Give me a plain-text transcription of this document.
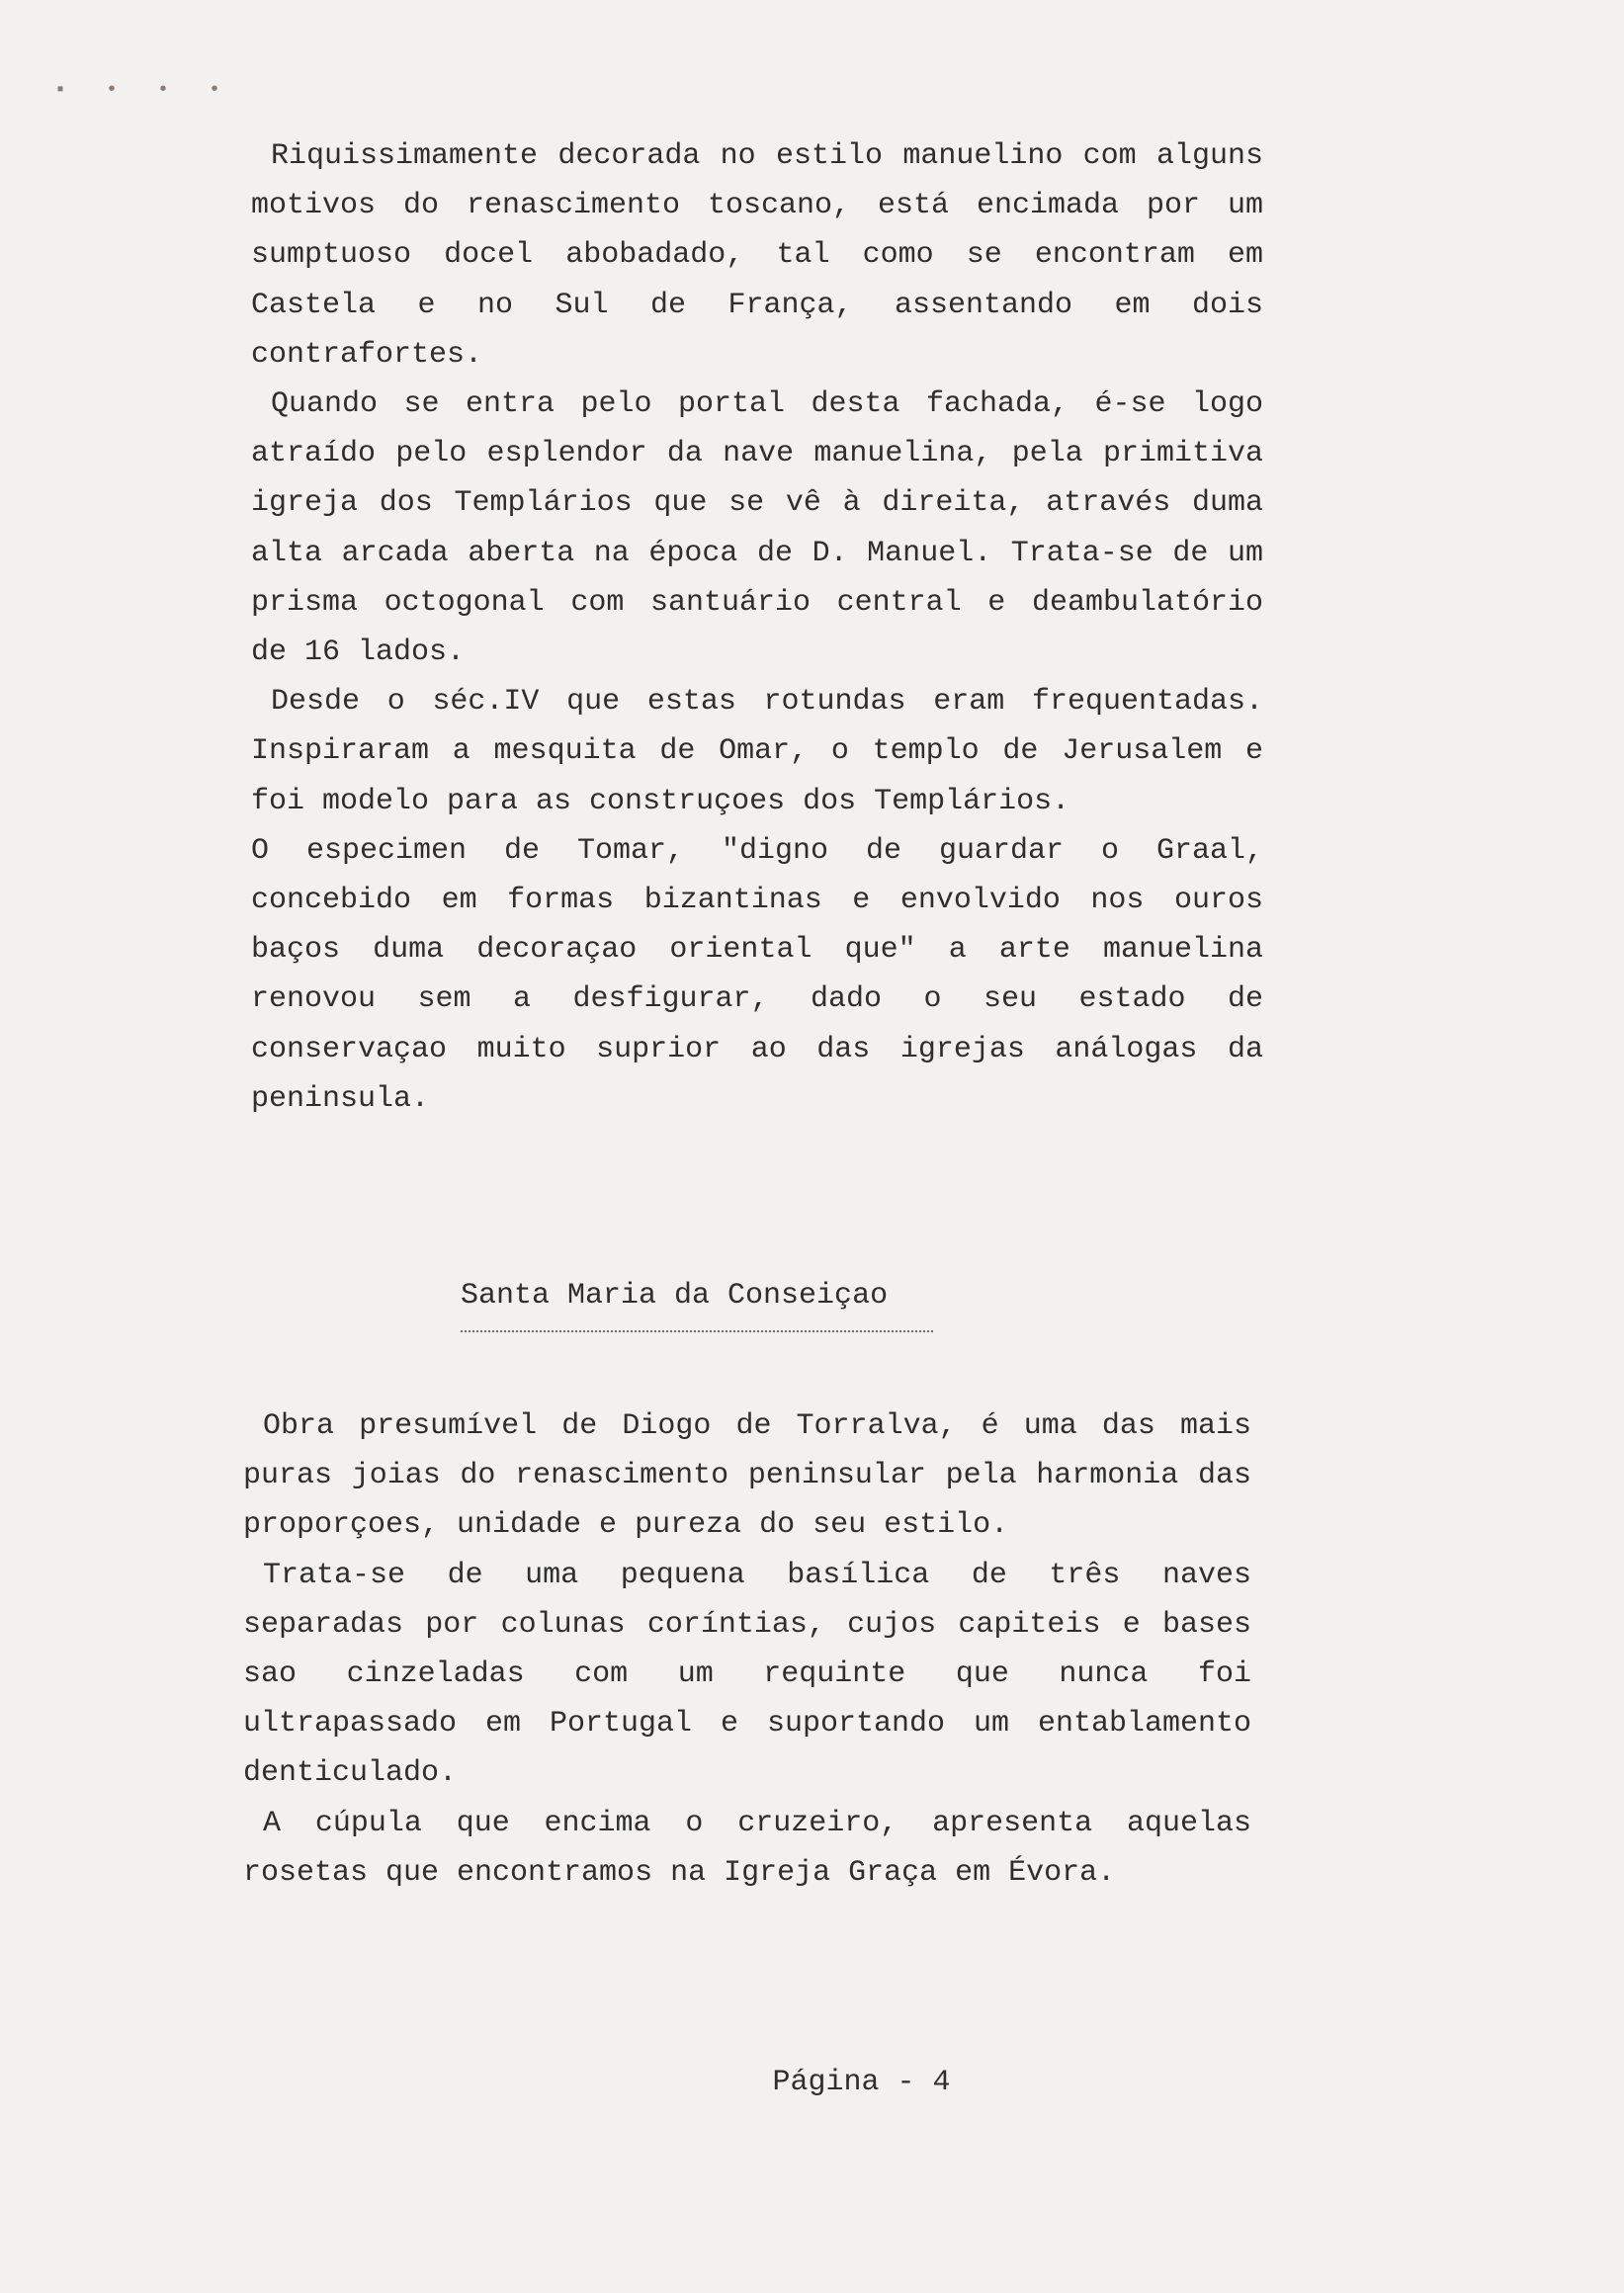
▪ • • •

Riquissimamente decorada no estilo manuelino com alguns motivos do renascimento toscano, está encimada por um sumptuoso docel abobadado, tal como se encontram em Castela e no Sul de França, assentando em dois contrafortes.

Quando se entra pelo portal desta fachada, é-se logo atraído pelo esplendor da nave manuelina, pela primitiva igreja dos Templários que se vê à direita, através duma alta arcada aberta na época de D. Manuel. Trata-se de um prisma octogonal com santuário central e deambulatório de 16 lados.

Desde o séc.IV que estas rotundas eram frequentadas. Inspiraram a mesquita de Omar, o templo de Jerusalem e foi modelo para as construçoes dos Templários.

O especimen de Tomar, "digno de guardar o Graal, concebido em formas bizantinas e envolvido nos ouros baços duma decoraçao oriental que" a arte manuelina renovou sem a desfigurar, dado o seu estado de conservaçao muito suprior ao das igrejas análogas da peninsula.

Santa Maria da Conseiçao

Obra presumível de Diogo de Torralva, é uma das mais puras joias do renascimento peninsular pela harmonia das proporçoes, unidade e pureza do seu estilo.

Trata-se de uma pequena basílica de três naves separadas por colunas coríntias, cujos capiteis e bases sao cinzeladas com um requinte que nunca foi ultrapassado em Portugal e suportando um entablamento denticulado.

A cúpula que encima o cruzeiro, apresenta aquelas rosetas que encontramos na Igreja Graça em Évora.

Página - 4
